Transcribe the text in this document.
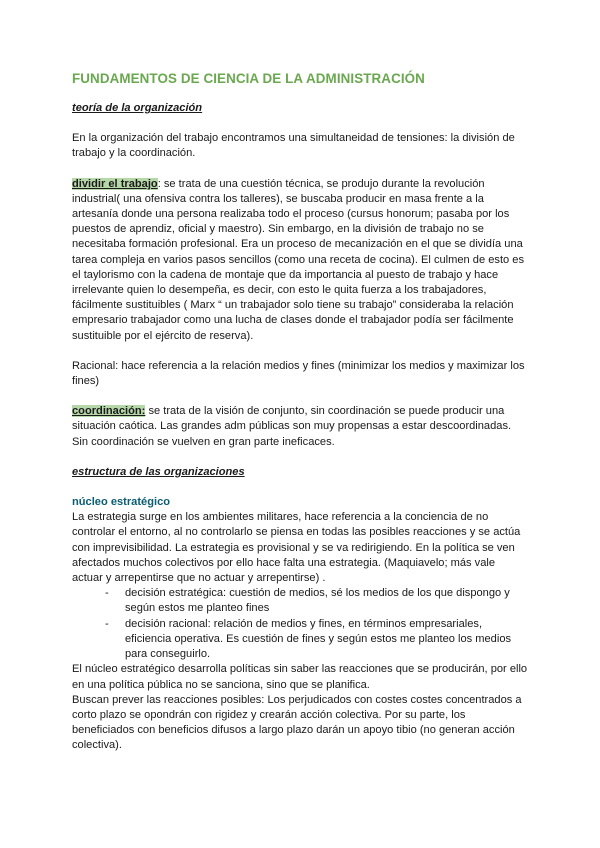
FUNDAMENTOS DE CIENCIA DE LA ADMINISTRACIÓN

teoría de la organización

En la organización del trabajo encontramos una simultaneidad de tensiones: la división de trabajo y la coordinación.

dividir el trabajo: se trata de una cuestión técnica, se produjo durante la revolución industrial( una ofensiva contra los talleres), se buscaba producir en masa frente a la artesanía donde una persona realizaba todo el proceso (cursus honorum; pasaba por los puestos de aprendiz, oficial y maestro). Sin embargo, en la división de trabajo no se necesitaba formación profesional. Era un proceso de mecanización en el que se dividía una tarea compleja en varios pasos sencillos (como una receta de cocina). El culmen de esto es el taylorismo con la cadena de montaje que da importancia al puesto de trabajo y hace irrelevante quien lo desempeña, es decir, con esto le quita fuerza a los trabajadores, fácilmente sustituibles ( Marx “ un trabajador solo tiene su trabajo” consideraba la relación empresario trabajador como una lucha de clases donde el trabajador podía ser fácilmente sustituible por el ejército de reserva).

Racional: hace referencia a la relación medios y fines (minimizar los medios y maximizar los fines)

coordinación: se trata de la visión de conjunto, sin coordinación se puede producir una situación caótica. Las grandes adm públicas son muy propensas a estar descoordinadas. Sin coordinación se vuelven en gran parte ineficaces.

estructura de las organizaciones

núcleo estratégico

La estrategia surge en los ambientes militares, hace referencia a la conciencia de no controlar el entorno, al no controlarlo se piensa en todas las posibles reacciones y se actúa con imprevisibilidad. La estrategia es provisional y se va redirigiendo. En la política se ven afectados muchos colectivos por ello hace falta una estrategia. (Maquiavelo; más vale actuar y arrepentirse que no actuar y arrepentirse) .

- decisión estratégica: cuestión de medios, sé los medios de los que dispongo y según estos me planteo fines
- decisión racional: relación de medios y fines, en términos empresariales, eficiencia operativa. Es cuestión de fines y según estos me planteo los medios para conseguirlo.

El núcleo estratégico desarrolla políticas sin saber las reacciones que se producirán, por ello en una política pública no se sanciona, sino que se planifica.

Buscan prever las reacciones posibles: Los perjudicados con costes costes concentrados a corto plazo se opondrán con rigidez y crearán acción colectiva. Por su parte, los beneficiados con beneficios difusos a largo plazo darán un apoyo tibio (no generan acción colectiva).
